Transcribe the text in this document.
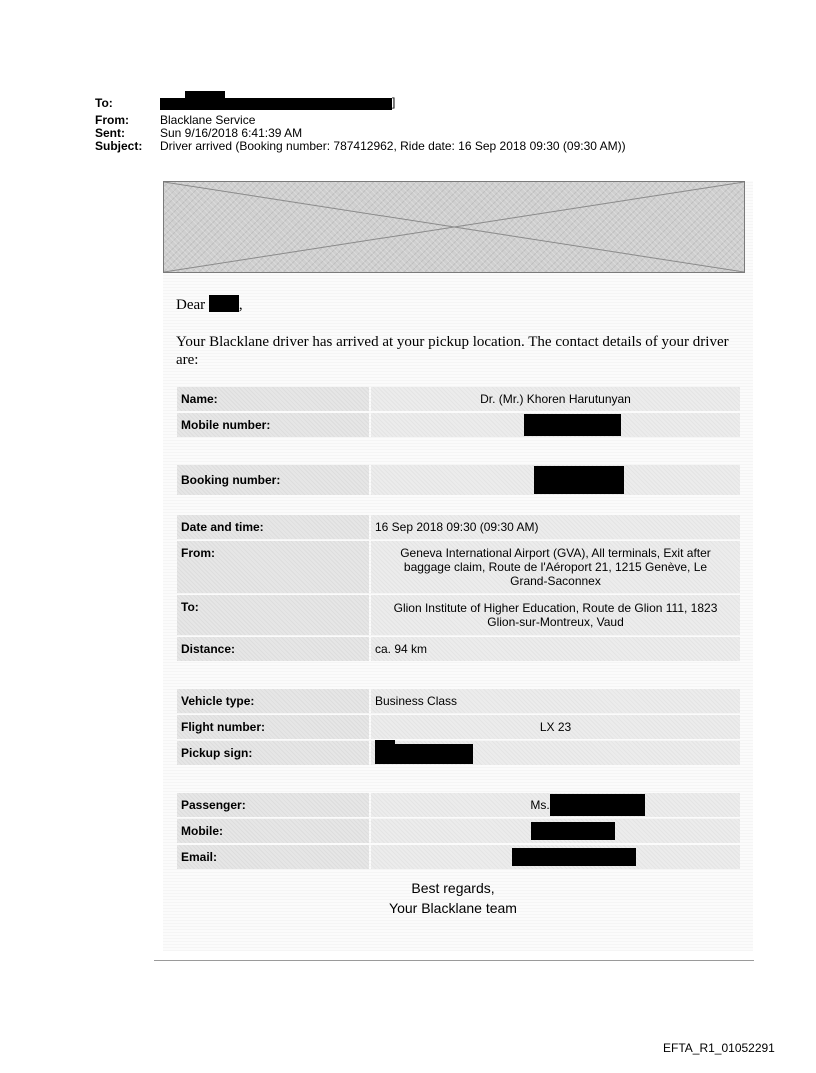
To:	]
From:	Blacklane Service
Sent:	Sun 9/16/2018 6:41:39 AM
Subject:	Driver arrived (Booking number: 787412962, Ride date: 16 Sep 2018 09:30 (09:30 AM))
Dear ,
Your Blacklane driver has arrived at your pickup location. The contact details of your driver are:
Name:	Dr. (Mr.) Khoren Harutunyan
Mobile number:
Booking number:
Date and time:	16 Sep 2018 09:30 (09:30 AM)
From:	Geneva International Airport (GVA), All terminals, Exit after baggage claim, Route de l'Aéroport 21, 1215 Genève, Le Grand-Saconnex
To:	Glion Institute of Higher Education, Route de Glion 111, 1823 Glion-sur-Montreux, Vaud
Distance:	ca. 94 km
Vehicle type:	Business Class
Flight number:	LX 23
Pickup sign:
Passenger:	Ms.
Mobile:
Email:
Best regards,
Your Blacklane team
EFTA_R1_01052291
